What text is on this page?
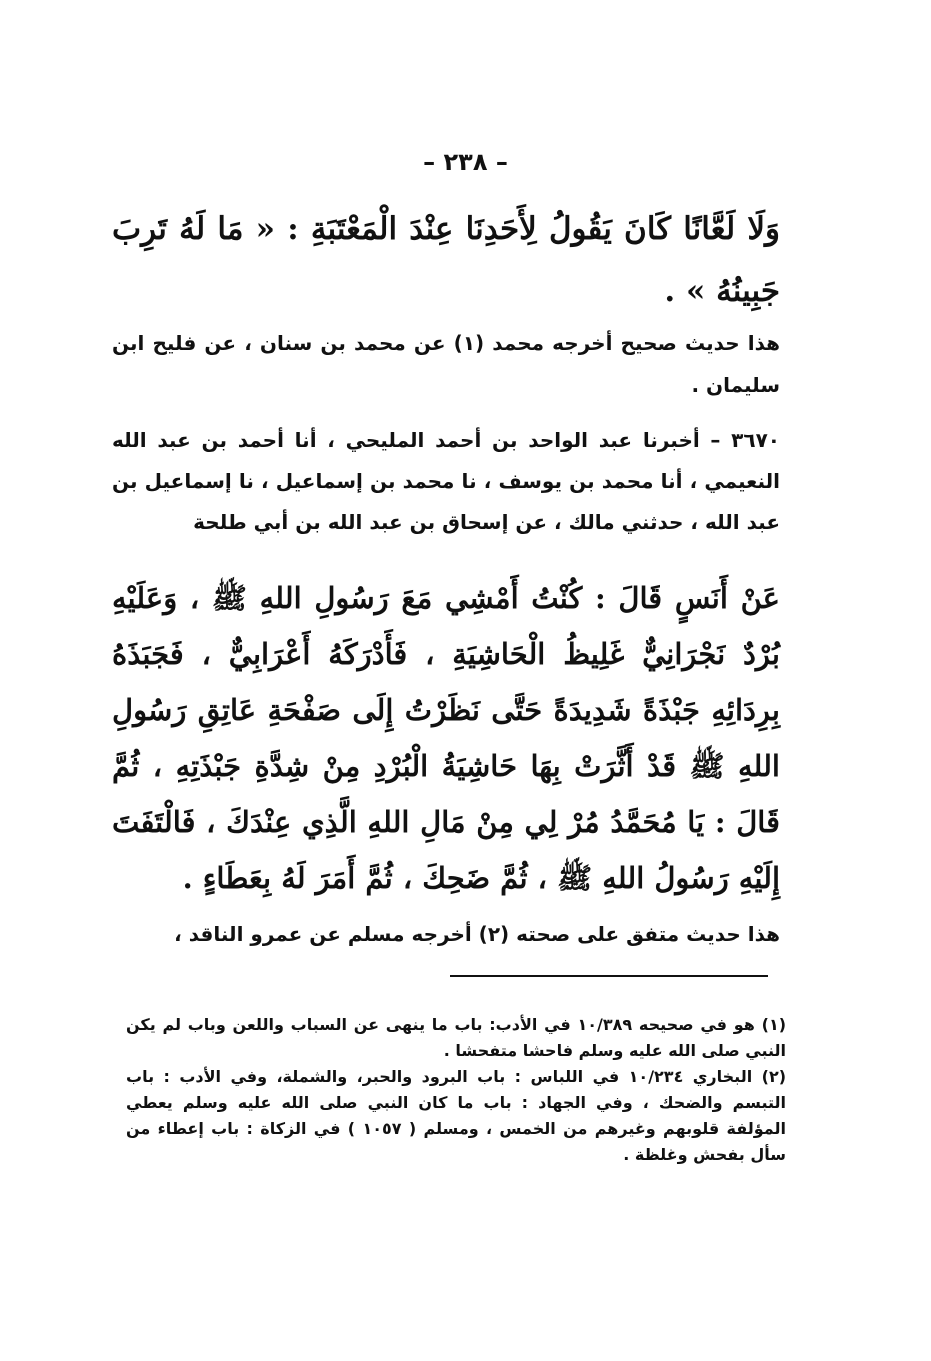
– ٢٣٨ –
وَلَا لَعَّانًا كَانَ يَقُولُ لِأَحَدِنَا عِنْدَ الْمَعْتَبَةِ : « مَا لَهُ تَرِبَ جَبِينُهُ » .
هذا حديث صحيح أخرجه محمد (١) عن محمد بن سنان ، عن فليح ابن سليمان .
٣٦٧٠ – أخبرنا عبد الواحد بن أحمد المليحي ، أنا أحمد بن عبد الله النعيمي ، أنا محمد بن يوسف ، نا محمد بن إسماعيل ، نا إسماعيل بن عبد الله ، حدثني مالك ، عن إسحاق بن عبد الله بن أبي طلحة
عَنْ أَنَسٍ قَالَ : كُنْتُ أَمْشِي مَعَ رَسُولِ اللهِ ﷺ ، وَعَلَيْهِ بُرْدٌ نَجْرَانِيٌّ غَلِيظُ الْحَاشِيَةِ ، فَأَدْرَكَهُ أَعْرَابِيٌّ ، فَجَبَذَهُ بِرِدَائِهِ جَبْذَةً شَدِيدَةً حَتَّى نَظَرْتُ إِلَى صَفْحَةِ عَاتِقِ رَسُولِ اللهِ ﷺ قَدْ أَثَّرَتْ بِهَا حَاشِيَةُ الْبُرْدِ مِنْ شِدَّةِ جَبْذَتِهِ ، ثُمَّ قَالَ : يَا مُحَمَّدُ مُرْ لِي مِنْ مَالِ اللهِ الَّذِي عِنْدَكَ ، فَالْتَفَتَ إِلَيْهِ رَسُولُ اللهِ ﷺ ، ثُمَّ ضَحِكَ ، ثُمَّ أَمَرَ لَهُ بِعَطَاءٍ .
هذا حديث متفق على صحته (٢) أخرجه مسلم عن عمرو الناقد ،

(١) هو في صحيحه ١٠/٣٨٩ في الأدب: باب ما ينهى عن السباب واللعن وباب لم يكن النبي صلى الله عليه وسلم فاحشا متفحشا .

(٢) البخاري ١٠/٢٣٤ في اللباس : باب البرود والحبر، والشملة، وفي الأدب : باب التبسم والضحك ، وفي الجهاد : باب ما كان النبي صلى الله عليه وسلم يعطي المؤلفة قلوبهم وغيرهم من الخمس ، ومسلم ( ١٠٥٧ ) في الزكاة : باب إعطاء من سأل بفحش وغلظة .
